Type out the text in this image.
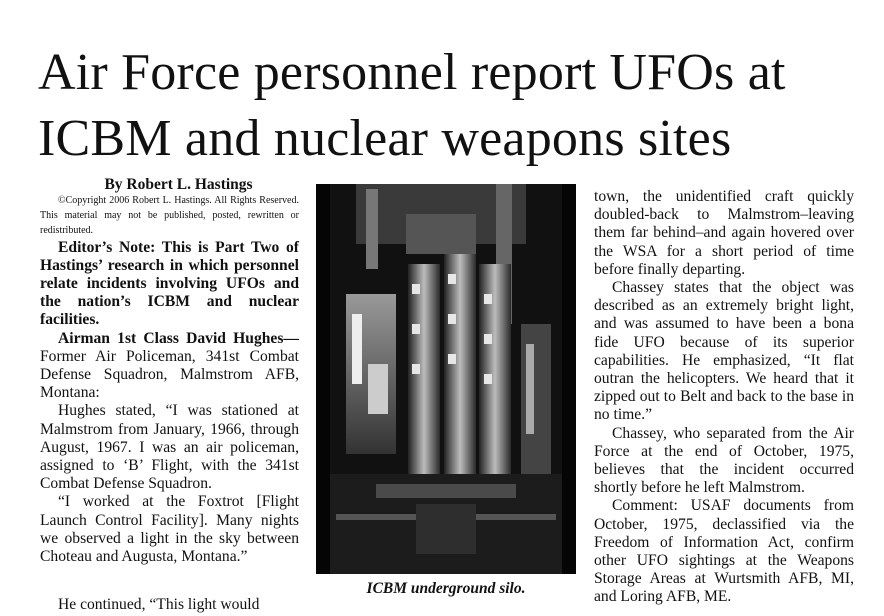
Air Force personnel report UFOs at ICBM and nuclear weapons sites

By Robert L. Hastings

©Copyright 2006 Robert L. Hastings. All Rights Reserved. This material may not be published, posted, rewritten or redistributed.

Editor’s Note: This is Part Two of Hastings’ research in which personnel relate incidents involving UFOs and the nation’s ICBM and nuclear facilities.

Airman 1st Class David Hughes— Former Air Policeman, 341st Combat Defense Squadron, Malmstrom AFB, Montana:

Hughes stated, “I was stationed at Malmstrom from January, 1966, through August, 1967. I was an air policeman, assigned to ‘B’ Flight, with the 341st Combat Defense Squadron.

“I worked at the Foxtrot [Flight Launch Control Facility]. Many nights we observed a light in the sky between Choteau and Augusta, Montana.”

He continued, “This light would

ICBM underground silo.

town, the unidentified craft quickly doubled-back to Malmstrom–leaving them far behind–and again hovered over the WSA for a short period of time before finally departing.

Chassey states that the object was described as an extremely bright light, and was assumed to have been a bona fide UFO because of its superior capabilities. He emphasized, “It flat outran the helicopters. We heard that it zipped out to Belt and back to the base in no time.”

Chassey, who separated from the Air Force at the end of October, 1975, believes that the incident occurred shortly before he left Malmstrom.

Comment: USAF documents from October, 1975, declassified via the Freedom of Information Act, confirm other UFO sightings at the Weapons Storage Areas at Wurtsmith AFB, MI, and Loring AFB, ME.
